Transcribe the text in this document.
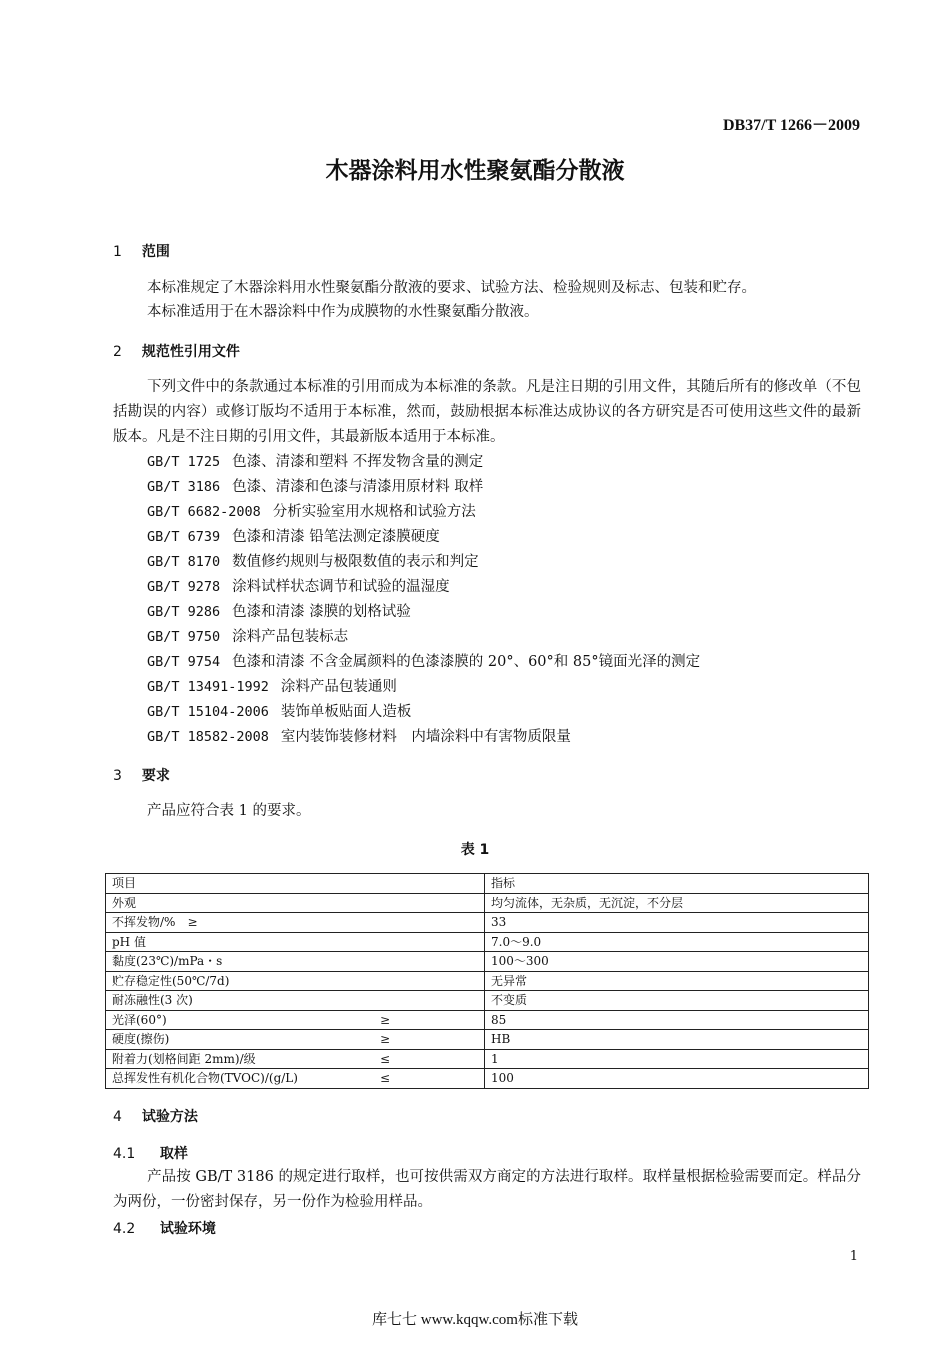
DB37/T 1266－2009
木器涂料用水性聚氨酯分散液
1 范围
本标准规定了木器涂料用水性聚氨酯分散液的要求、试验方法、检验规则及标志、包装和贮存。
本标准适用于在木器涂料中作为成膜物的水性聚氨酯分散液。
2 规范性引用文件
下列文件中的条款通过本标准的引用而成为本标准的条款。凡是注日期的引用文件，其随后所有的修改单（不包括勘误的内容）或修订版均不适用于本标准，然而，鼓励根据本标准达成协议的各方研究是否可使用这些文件的最新版本。凡是不注日期的引用文件，其最新版本适用于本标准。
GB/T 1725 色漆、清漆和塑料 不挥发物含量的测定
GB/T 3186 色漆、清漆和色漆与清漆用原材料 取样
GB/T 6682-2008 分析实验室用水规格和试验方法
GB/T 6739 色漆和清漆 铅笔法测定漆膜硬度
GB/T 8170 数值修约规则与极限数值的表示和判定
GB/T 9278 涂料试样状态调节和试验的温湿度
GB/T 9286 色漆和清漆 漆膜的划格试验
GB/T 9750 涂料产品包装标志
GB/T 9754 色漆和清漆 不含金属颜料的色漆漆膜的 20°、60°和 85°镜面光泽的测定
GB/T 13491-1992 涂料产品包装通则
GB/T 15104-2006 装饰单板贴面人造板
GB/T 18582-2008 室内装饰装修材料　内墙涂料中有害物质限量
3 要求
产品应符合表 1 的要求。
表 1
项目	指标

外观	均匀流体，无杂质，无沉淀，不分层

不挥发物/%　≥	33

pH 值	7.0～9.0

黏度(23℃)/mPa・s	100～300

贮存稳定性(50℃/7d)	无异常

耐冻融性(3 次)	不变质

光泽(60°) ≥	85

硬度(擦伤) ≥	HB

附着力(划格间距 2mm)/级 ≤	1

总挥发性有机化合物(TVOC)/(g/L) ≤	100
4 试验方法
4.1 取样
产品按 GB/T 3186 的规定进行取样，也可按供需双方商定的方法进行取样。取样量根据检验需要而定。样品分为两份，一份密封保存，另一份作为检验用样品。
4.2 试验环境
1
库七七 www.kqqw.com标准下载
